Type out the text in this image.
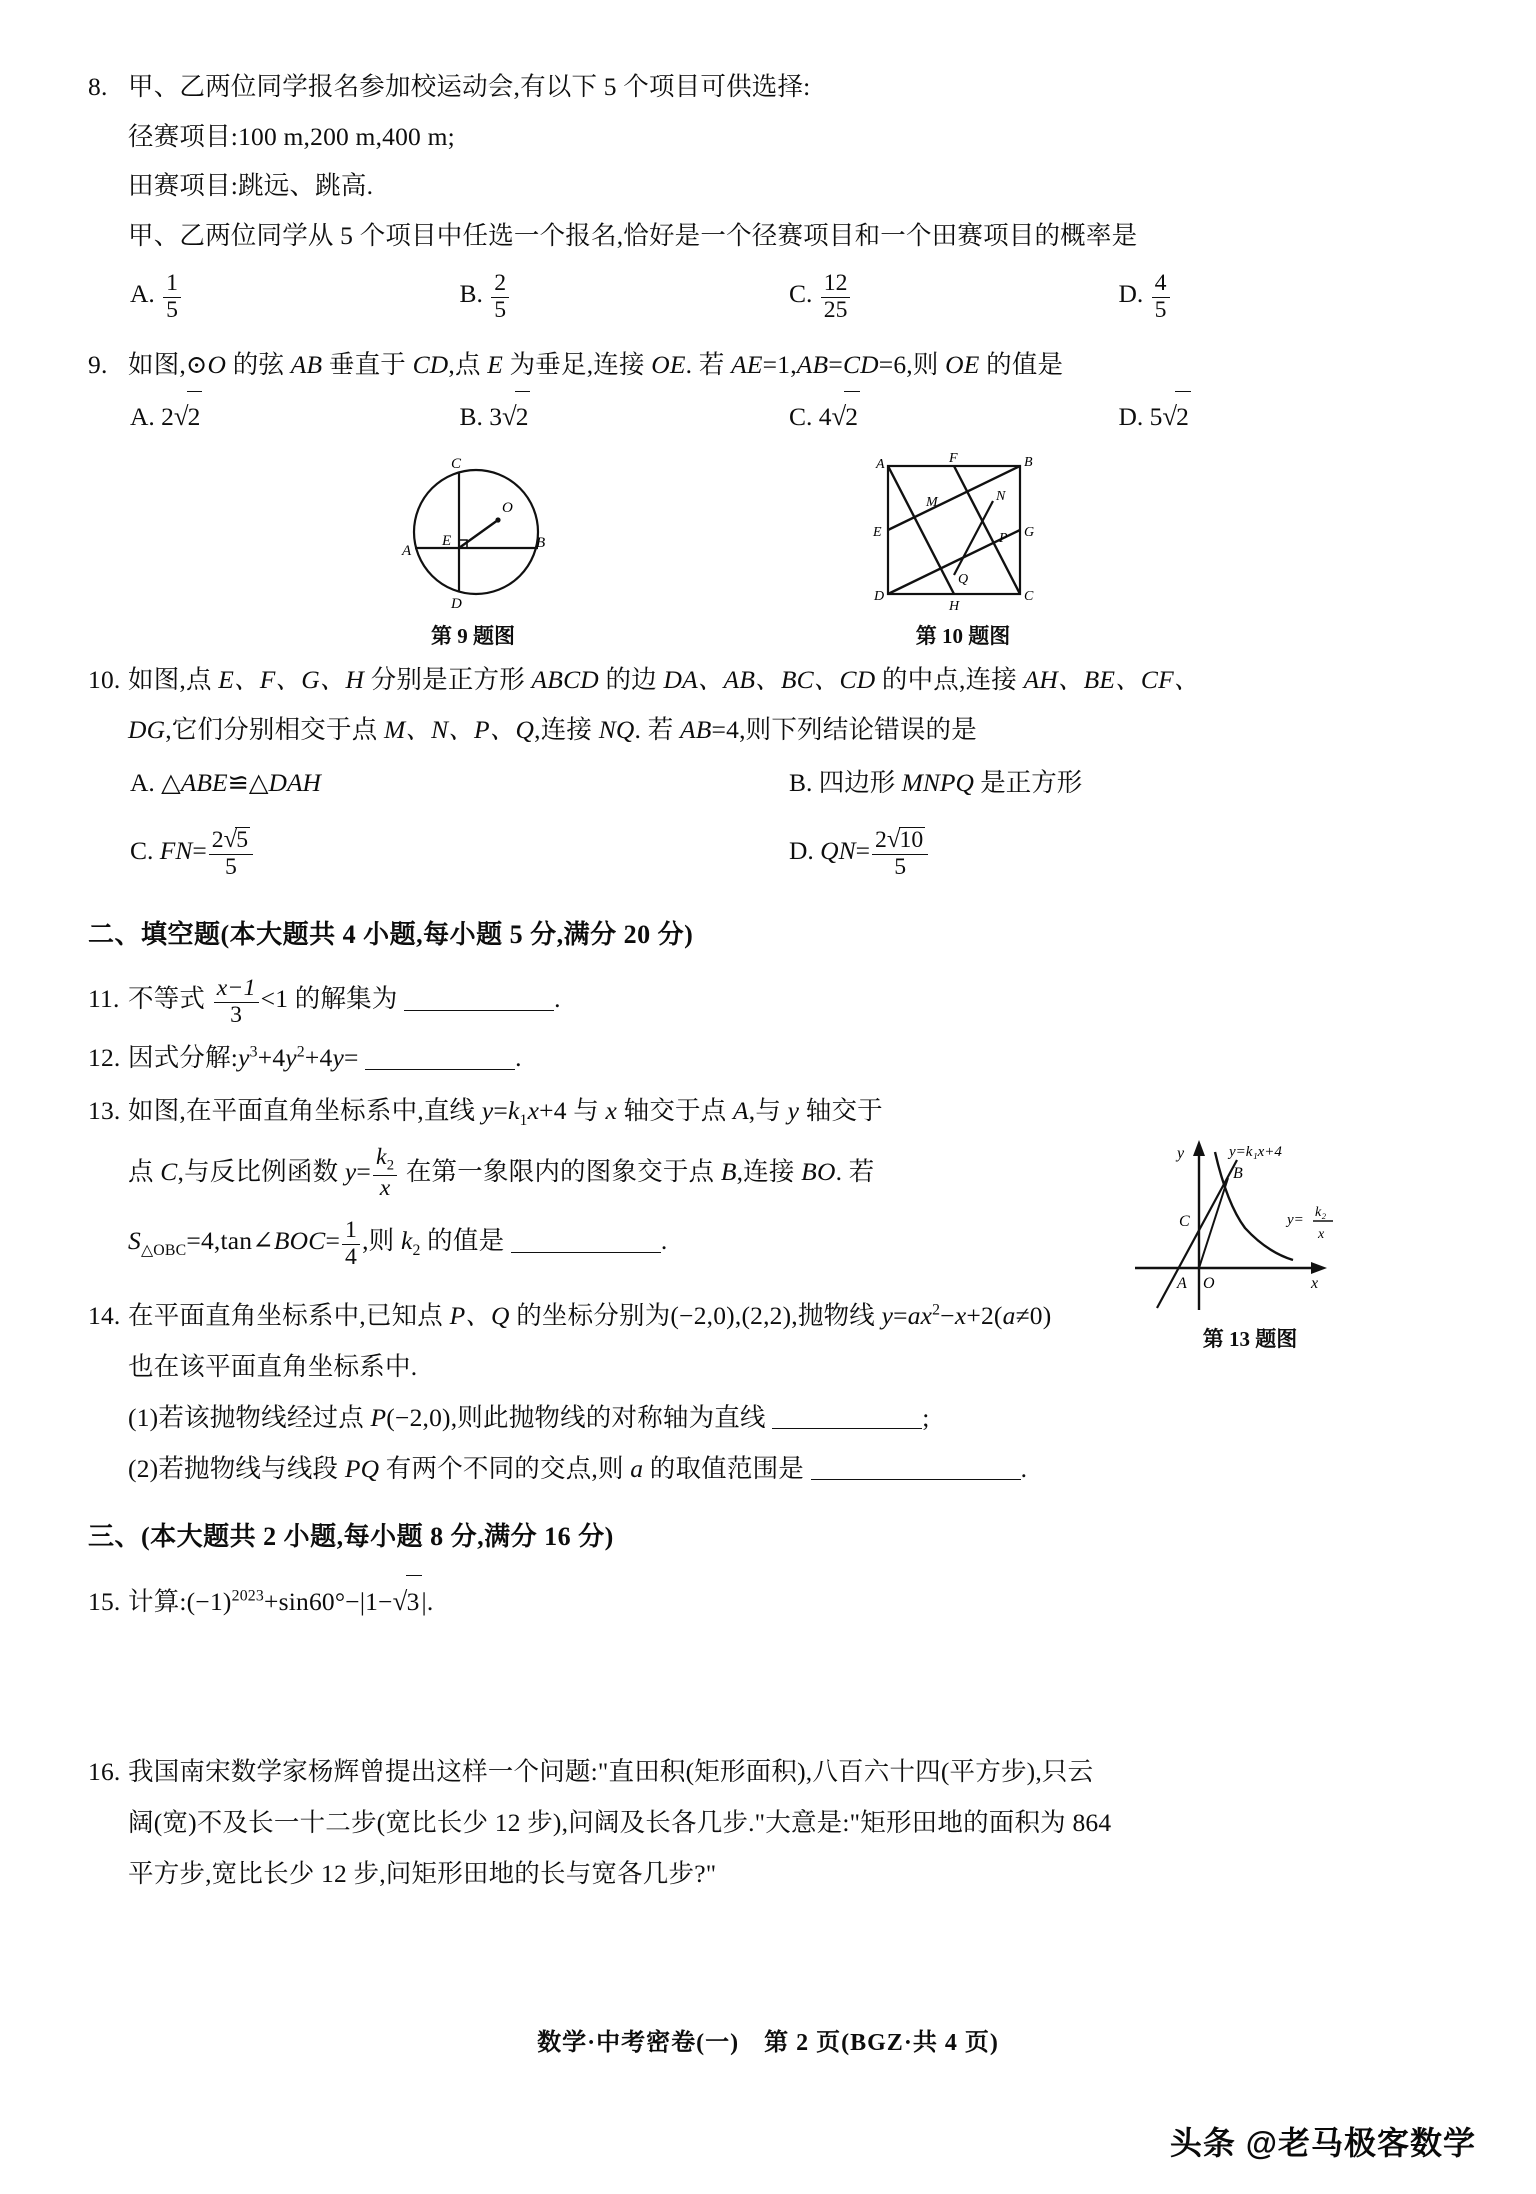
8. 甲、乙两位同学报名参加校运动会,有以下 5 个项目可供选择:
径赛项目:100 m,200 m,400 m;
田赛项目:跳远、跳高.
甲、乙两位同学从 5 个项目中任选一个报名,恰好是一个径赛项目和一个田赛项目的概率是
A. $\frac{1}{5}$	B. $\frac{2}{5}$	C. $\frac{12}{25}$	D. $\frac{4}{5}$
9. 如图,⊙O 的弦 AB 垂直于 CD,点 E 为垂足,连接 OE. 若 AE=1,AB=CD=6,则 OE 的值是
A. 2√2	B. 3√2	C. 4√2	D. 5√2
C
O
A
E	B
D
第 9 题图
A	F	B
M	N
E	P G
D
Q
H
C
第 10 题图
10. 如图,点 E、F、G、H 分别是正方形 ABCD 的边 DA、AB、BC、CD 的中点,连接 AH、BE、CF、
DG,它们分别相交于点 M、N、P、Q,连接 NQ. 若 AB=4,则下列结论错误的是
A. △ABE≌△DAH	B. 四边形 MNPQ 是正方形
C. $FN= \frac{2√5}{5}$	D. $QN= \frac{2√10}{5}$
二、填空题(本大题共 4 小题,每小题 5 分,满分 20 分)
11. 不等式 $\frac{x-1}{3} <1$ 的解集为	.
12. 因式分解$:y^3+4y^2+4y=$	.
13. 如图,在平面直角坐标系中,直线 $y=k_1x+4$ 与 x 轴交于点 A,与 y 轴交于
点 C,与反比例函数 $y= \frac{k_2}{x}$ 在第一象限内的图象交于点 B,连接 BO. 若
$S_{\triangle OBC}=4,\tan\angle BOC= \frac{1}{4}$ ,则 $k_2$ 的值是	.
14. 在平面直角坐标系中,已知点 P、Q 的坐标分别为(−2,0),(2,2),抛物线 $y=ax^2-x+2(a\ne 0)$
也在该平面直角坐标系中.
(1)若该抛物线经过点 P(−2,0),则此抛物线的对称轴为直线	;
(2)若抛物线与线段 PQ 有两个不同的交点,则 a 的取值范围是	.
三、(本大题共 2 小题,每小题 8 分,满分 16 分)
15. 计算$:(-1)^{2023}+\sin 60^\circ-|1-√3|$.
16. 我国南宋数学家杨辉曾提出这样一个问题:"直田积(矩形面积),八百六十四(平方步),只云
阔(宽)不及长一十二步(宽比长少 12 步),问阔及长各几步."大意是:"矩形田地的面积为 864
平方步,宽比长少 12 步,问矩形田地的长与宽各几步?"
y
x
O
A
B
C
y=k₁x+4
y= k₂
x
第 13 题图
数学·中考密卷(一)　第 2 页(BGZ·共 4 页)
头条 @老马极客数学
